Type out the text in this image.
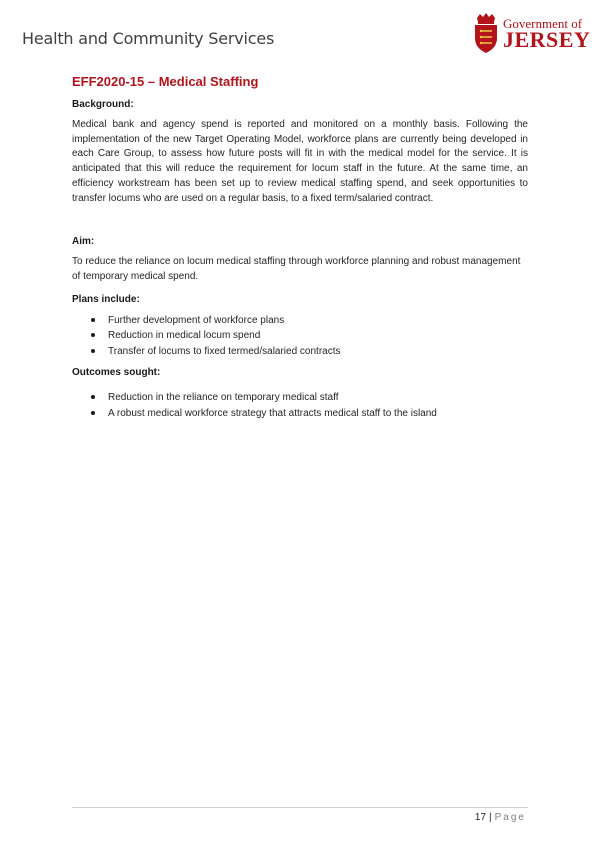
Health and Community Services
Government of
JERSEY
EFF2020-15 – Medical Staffing
Background:

Medical bank and agency spend is reported and monitored on a monthly basis. Following the implementation of the new Target Operating Model, workforce plans are currently being developed in each Care Group, to assess how future posts will fit in with the medical model for the service. It is anticipated that this will reduce the requirement for locum staff in the future. At the same time, an efficiency workstream has been set up to review medical staffing spend, and seek opportunities to transfer locums who are used on a regular basis, to a fixed term/salaried contract.

Aim:

To reduce the reliance on locum medical staffing through workforce planning and robust management of temporary medical spend.

Plans include:
Further development of workforce plans
Reduction in medical locum spend
Transfer of locums to fixed termed/salaried contracts
Outcomes sought:
Reduction in the reliance on temporary medical staff
A robust medical workforce strategy that attracts medical staff to the island
17 | Page
